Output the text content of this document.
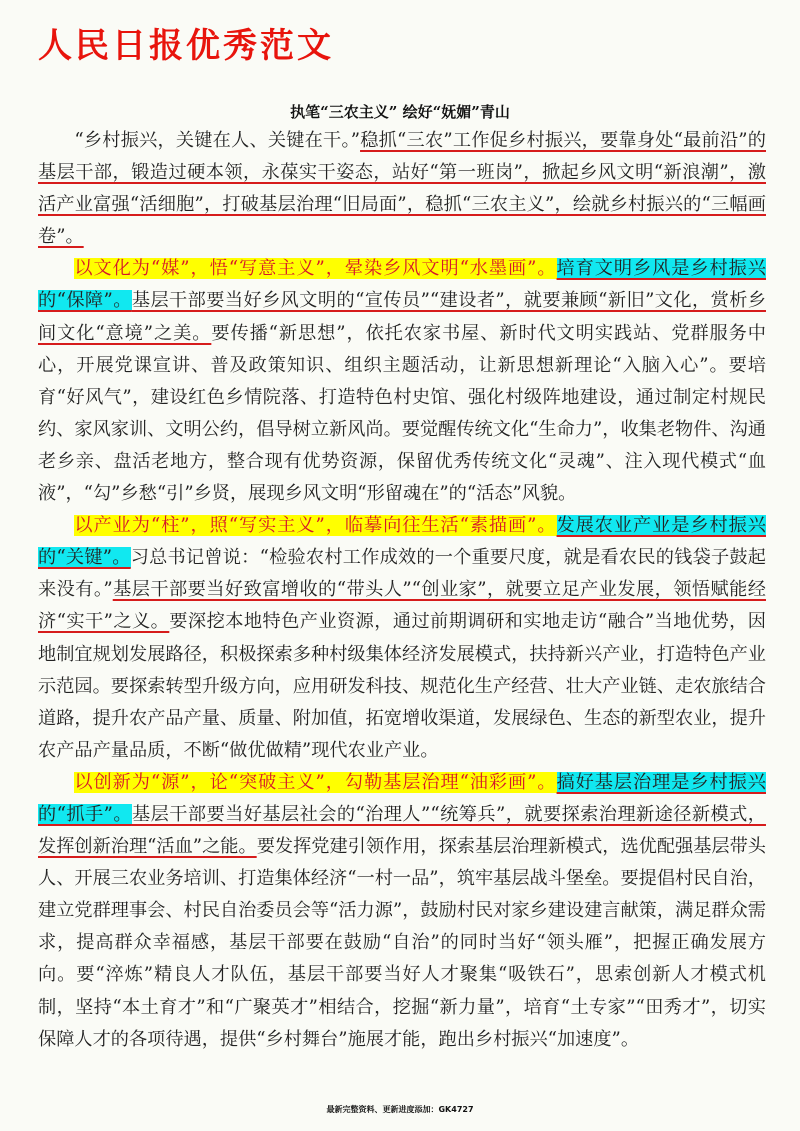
人民日报优秀范文
执笔“三农主义” 绘好“妩媚”青山

“乡村振兴，关键在人、关键在干。”稳抓“三农”工作促乡村振兴，要靠身处“最前沿”的基层干部，锻造过硬本领，永葆实干姿态，站好“第一班岗”，掀起乡风文明“新浪潮”，激活产业富强“活细胞”，打破基层治理“旧局面”，稳抓“三农主义”，绘就乡村振兴的“三幅画卷”。

以文化为“媒”，悟“写意主义”，晕染乡风文明“水墨画”。培育文明乡风是乡村振兴的“保障”。基层干部要当好乡风文明的“宣传员”“建设者”，就要兼顾“新旧”文化，赏析乡间文化“意境”之美。要传播“新思想”，依托农家书屋、新时代文明实践站、党群服务中心，开展党课宣讲、普及政策知识、组织主题活动，让新思想新理论“入脑入心”。要培育“好风气”，建设红色乡情院落、打造特色村史馆、强化村级阵地建设，通过制定村规民约、家风家训、文明公约，倡导树立新风尚。要觉醒传统文化“生命力”，收集老物件、沟通老乡亲、盘活老地方，整合现有优势资源，保留优秀传统文化“灵魂”、注入现代模式“血液”，“勾”乡愁“引”乡贤，展现乡风文明“形留魂在”的“活态”风貌。

以产业为“柱”，照“写实主义”，临摹向往生活“素描画”。发展农业产业是乡村振兴的“关键”。习总书记曾说：“检验农村工作成效的一个重要尺度，就是看农民的钱袋子鼓起来没有。”基层干部要当好致富增收的“带头人”“创业家”，就要立足产业发展，领悟赋能经济“实干”之义。要深挖本地特色产业资源，通过前期调研和实地走访“融合”当地优势，因地制宜规划发展路径，积极探索多种村级集体经济发展模式，扶持新兴产业，打造特色产业示范园。要探索转型升级方向，应用研发科技、规范化生产经营、壮大产业链、走农旅结合道路，提升农产品产量、质量、附加值，拓宽增收渠道，发展绿色、生态的新型农业，提升农产品产量品质，不断“做优做精”现代农业产业。

以创新为“源”，论“突破主义”，勾勒基层治理“油彩画”。搞好基层治理是乡村振兴的“抓手”。基层干部要当好基层社会的“治理人”“统筹兵”，就要探索治理新途径新模式，发挥创新治理“活血”之能。要发挥党建引领作用，探索基层治理新模式，选优配强基层带头人、开展三农业务培训、打造集体经济“一村一品”，筑牢基层战斗堡垒。要提倡村民自治，建立党群理事会、村民自治委员会等“活力源”，鼓励村民对家乡建设建言献策，满足群众需求，提高群众幸福感，基层干部要在鼓励“自治”的同时当好“领头雁”，把握正确发展方向。要“淬炼”精良人才队伍，基层干部要当好人才聚集“吸铁石”，思索创新人才模式机制，坚持“本土育才”和“广聚英才”相结合，挖掘“新力量”，培育“土专家”“田秀才”，切实保障人才的各项待遇，提供“乡村舞台”施展才能，跑出乡村振兴“加速度”。

最新完整资料、更新进度添加：GK4727
